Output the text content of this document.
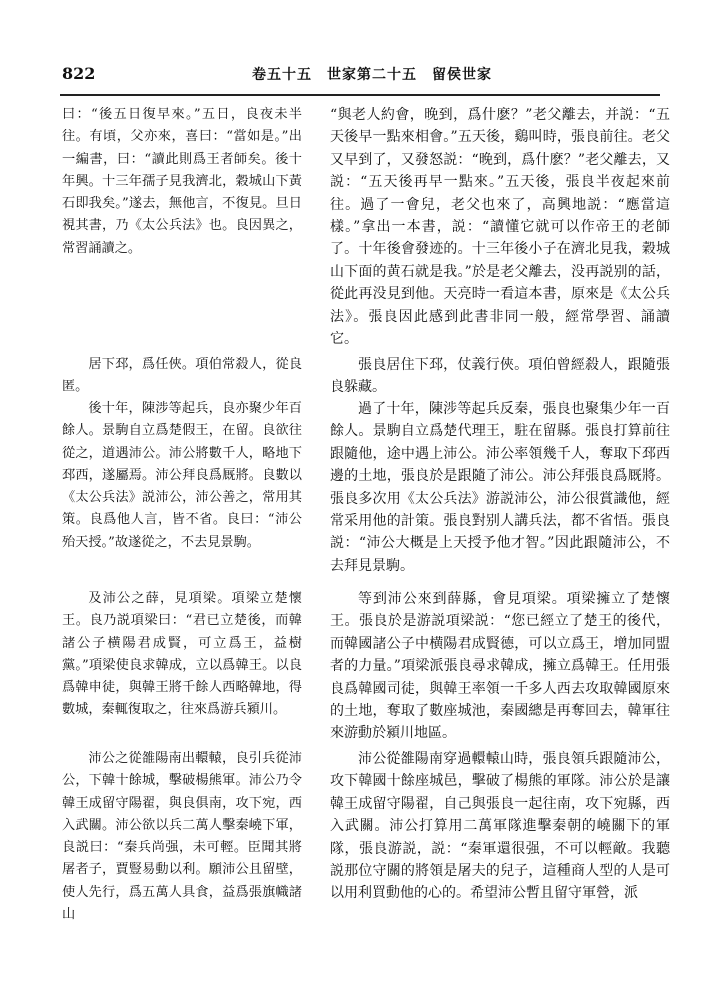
822	卷五十五　世家第二十五　留侯世家

曰：“後五日復早來。”五日，良夜未半往。有頃，父亦來，喜曰：“當如是。”出一編書，曰：“讀此則爲王者師矣。後十年興。十三年孺子見我濟北，穀城山下黃石即我矣。”遂去，無他言，不復見。旦日視其書，乃《太公兵法》也。良因異之，常習誦讀之。

居下邳，爲任俠。項伯常殺人，從良匿。

後十年，陳涉等起兵，良亦聚少年百餘人。景駒自立爲楚假王，在留。良欲往從之，道遇沛公。沛公將數千人，略地下邳西，遂屬焉。沛公拜良爲厩將。良數以《太公兵法》説沛公，沛公善之，常用其策。良爲他人言，皆不省。良曰：“沛公殆天授。”故遂從之，不去見景駒。

及沛公之薛，見項梁。項梁立楚懷王。良乃説項梁曰：“君已立楚後，而韓諸公子横陽君成賢，可立爲王，益樹黨。”項梁使良求韓成，立以爲韓王。以良爲韓申徒，與韓王將千餘人西略韓地，得數城，秦輒復取之，往來爲游兵潁川。

沛公之從雒陽南出轘轅，良引兵從沛公，下韓十餘城，擊破楊熊軍。沛公乃令韓王成留守陽翟，與良俱南，攻下宛，西入武關。沛公欲以兵二萬人擊秦嶢下軍，良説曰：“秦兵尚强，未可輕。臣聞其將屠者子，賈豎易動以利。願沛公且留壁，使人先行，爲五萬人具食，益爲張旗幟諸山

“與老人約會，晚到，爲什麽？”老父離去，并説：“五天後早一點來相會。”五天後，鷄叫時，張良前往。老父又早到了，又發怒説：“晚到，爲什麽？”老父離去，又説：“五天後再早一點來。”五天後，張良半夜起來前往。過了一會兒，老父也來了，高興地説：“應當這樣。”拿出一本書，説：“讀懂它就可以作帝王的老師了。十年後會發迹的。十三年後小子在濟北見我，穀城山下面的黄石就是我。”於是老父離去，没再説别的話，從此再没見到他。天亮時一看這本書，原來是《太公兵法》。張良因此感到此書非同一般，經常學習、誦讀它。

張良居住下邳，仗義行俠。項伯曾經殺人，跟隨張良躲藏。

過了十年，陳涉等起兵反秦，張良也聚集少年一百餘人。景駒自立爲楚代理王，駐在留縣。張良打算前往跟隨他，途中遇上沛公。沛公率領幾千人，奪取下邳西邊的土地，張良於是跟隨了沛公。沛公拜張良爲厩將。張良多次用《太公兵法》游説沛公，沛公很賞識他，經常采用他的計策。張良對别人講兵法，都不省悟。張良説：“沛公大概是上天授予他才智。”因此跟隨沛公，不去拜見景駒。

等到沛公來到薛縣，會見項梁。項梁擁立了楚懷王。張良於是游説項梁説：“您已經立了楚王的後代，而韓國諸公子中横陽君成賢德，可以立爲王，增加同盟者的力量。”項梁派張良尋求韓成，擁立爲韓王。任用張良爲韓國司徒，與韓王率領一千多人西去攻取韓國原來的土地，奪取了數座城池，秦國總是再奪回去，韓軍往來游動於潁川地區。

沛公從雒陽南穿過轘轅山時，張良領兵跟隨沛公，攻下韓國十餘座城邑，擊破了楊熊的軍隊。沛公於是讓韓王成留守陽翟，自己與張良一起往南，攻下宛縣，西入武關。沛公打算用二萬軍隊進擊秦朝的嶢關下的軍隊，張良游説，説：“秦軍還很强，不可以輕敵。我聽説那位守關的將領是屠夫的兒子，這種商人型的人是可以用利買動他的心的。希望沛公暫且留守軍營，派
